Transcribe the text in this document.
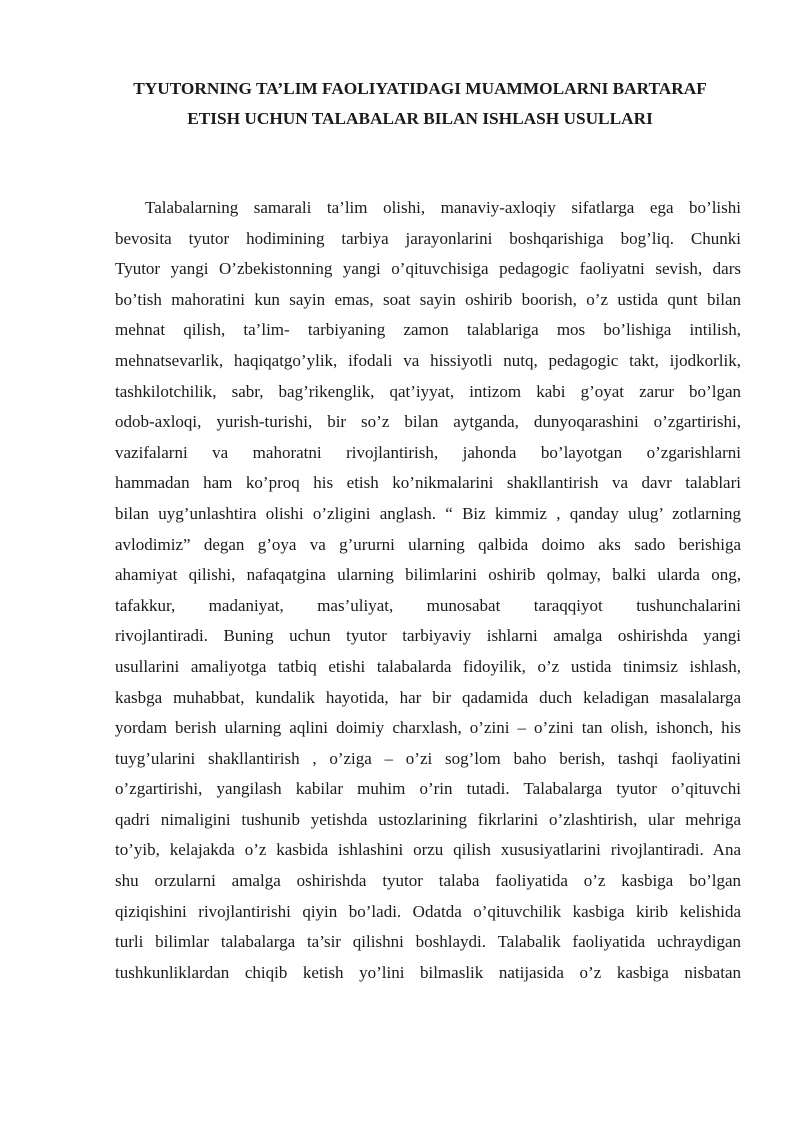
TYUTORNING TA’LIM FAOLIYATIDAGI MUAMMOLARNI BARTARAF
ETISH UCHUN TALABALAR BILAN ISHLASH USULLARI
Talabalarning samarali ta’lim olishi, manaviy-axloqiy sifatlarga ega bo’lishi
bevosita tyutor hodimining tarbiya jarayonlarini boshqarishiga bog’liq. Chunki
Tyutor yangi O’zbekistonning yangi o’qituvchisiga pedagogic faoliyatni sevish, dars
bo’tish mahoratini kun sayin emas, soat sayin oshirib boorish, o’z ustida qunt bilan
mehnat qilish, ta’lim- tarbiyaning zamon talablariga mos bo’lishiga intilish,
mehnatsevarlik, haqiqatgo’ylik, ifodali va hissiyotli nutq, pedagogic takt, ijodkorlik,
tashkilotchilik, sabr, bag’rikenglik, qat’iyyat, intizom kabi g’oyat zarur bo’lgan
odob-axloqi, yurish-turishi, bir so’z bilan aytganda, dunyoqarashini o’zgartirishi,
vazifalarni va mahoratni rivojlantirish, jahonda bo’layotgan o’zgarishlarni
hammadan ham ko’proq his etish ko’nikmalarini shakllantirish va davr talablari
bilan uyg’unlashtira olishi o’zligini anglash. “ Biz kimmiz , qanday ulug’ zotlarning
avlodimiz” degan g’oya va g’ururni ularning qalbida doimo aks sado berishiga
ahamiyat qilishi, nafaqatgina ularning bilimlarini oshirib qolmay, balki ularda ong,
tafakkur, madaniyat, mas’uliyat, munosabat taraqqiyot tushunchalarini
rivojlantiradi. Buning uchun tyutor tarbiyaviy ishlarni amalga oshirishda yangi
usullarini amaliyotga tatbiq etishi talabalarda fidoyilik, o’z ustida tinimsiz ishlash,
kasbga muhabbat, kundalik hayotida, har bir qadamida duch keladigan masalalarga
yordam berish ularning aqlini doimiy charxlash, o’zini – o’zini tan olish, ishonch, his
tuyg’ularini shakllantirish , o’ziga – o’zi sog’lom baho berish, tashqi faoliyatini
o’zgartirishi, yangilash kabilar muhim o’rin tutadi. Talabalarga tyutor o’qituvchi
qadri nimaligini tushunib yetishda ustozlarining fikrlarini o’zlashtirish, ular mehriga
to’yib, kelajakda o’z kasbida ishlashini orzu qilish xususiyatlarini rivojlantiradi. Ana
shu orzularni amalga oshirishda tyutor talaba faoliyatida o’z kasbiga bo’lgan
qiziqishini rivojlantirishi qiyin bo’ladi. Odatda o’qituvchilik kasbiga kirib kelishida
turli bilimlar talabalarga ta’sir qilishni boshlaydi. Talabalik faoliyatida uchraydigan
tushkunliklardan chiqib ketish yo’lini bilmaslik natijasida o’z kasbiga nisbatan
